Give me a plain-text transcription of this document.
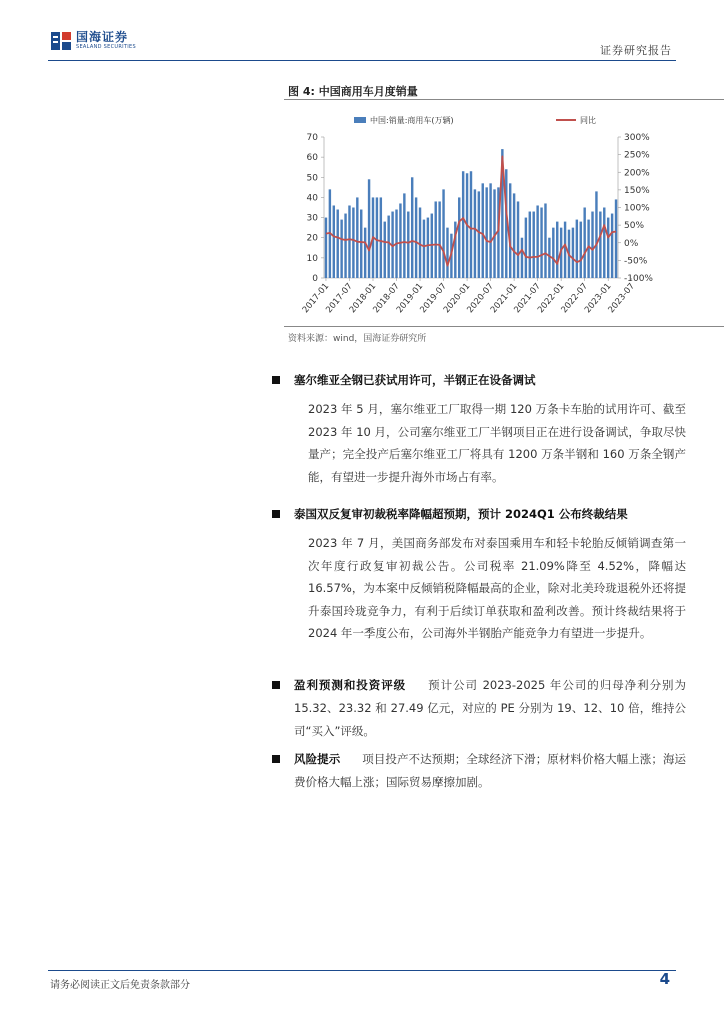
国海证券
SEALAND SECURITIES	证券研究报告
图 4: 中国商用车月度销量
中国:销量:商用车(万辆)	同比
0
10
20
30
40
50
60
70
-100%
-50%
0%
50%
100%
150%
200%
250%
300%
2017-01
2017-07
2018-01
2018-07
2019-01
2019-07
2020-01
2020-07
2021-01
2021-07
2022-01
2022-07
2023-01
2023-07
资料来源：wind，国海证券研究所
塞尔维亚全钢已获试用许可，半钢正在设备调试
2023 年 5 月，塞尔维亚工厂取得一期 120 万条卡车胎的试用许可、截至 2023 年 10 月，公司塞尔维亚工厂半钢项目正在进行设备调试，争取尽快量产；完全投产后塞尔维亚工厂将具有 1200 万条半钢和 160 万条全钢产能，有望进一步提升海外市场占有率。
泰国双反复审初裁税率降幅超预期，预计 2024Q1 公布终裁结果
2023 年 7 月，美国商务部发布对泰国乘用车和轻卡轮胎反倾销调查第一次年度行政复审初裁公告。公司税率 21.09%降至 4.52%，降幅达 16.57%，为本案中反倾销税降幅最高的企业，除对北美玲珑退税外还将提升泰国玲珑竞争力，有利于后续订单获取和盈利改善。预计终裁结果将于 2024 年一季度公布，公司海外半钢胎产能竞争力有望进一步提升。
盈利预测和投资评级 预计公司 2023-2025 年公司的归母净利分别为 15.32、23.32 和 27.49 亿元，对应的 PE 分别为 19、12、10 倍，维持公司“买入”评级。
风险提示 项目投产不达预期；全球经济下滑；原材料价格大幅上涨；海运费价格大幅上涨；国际贸易摩擦加剧。
请务必阅读正文后免责条款部分	4
